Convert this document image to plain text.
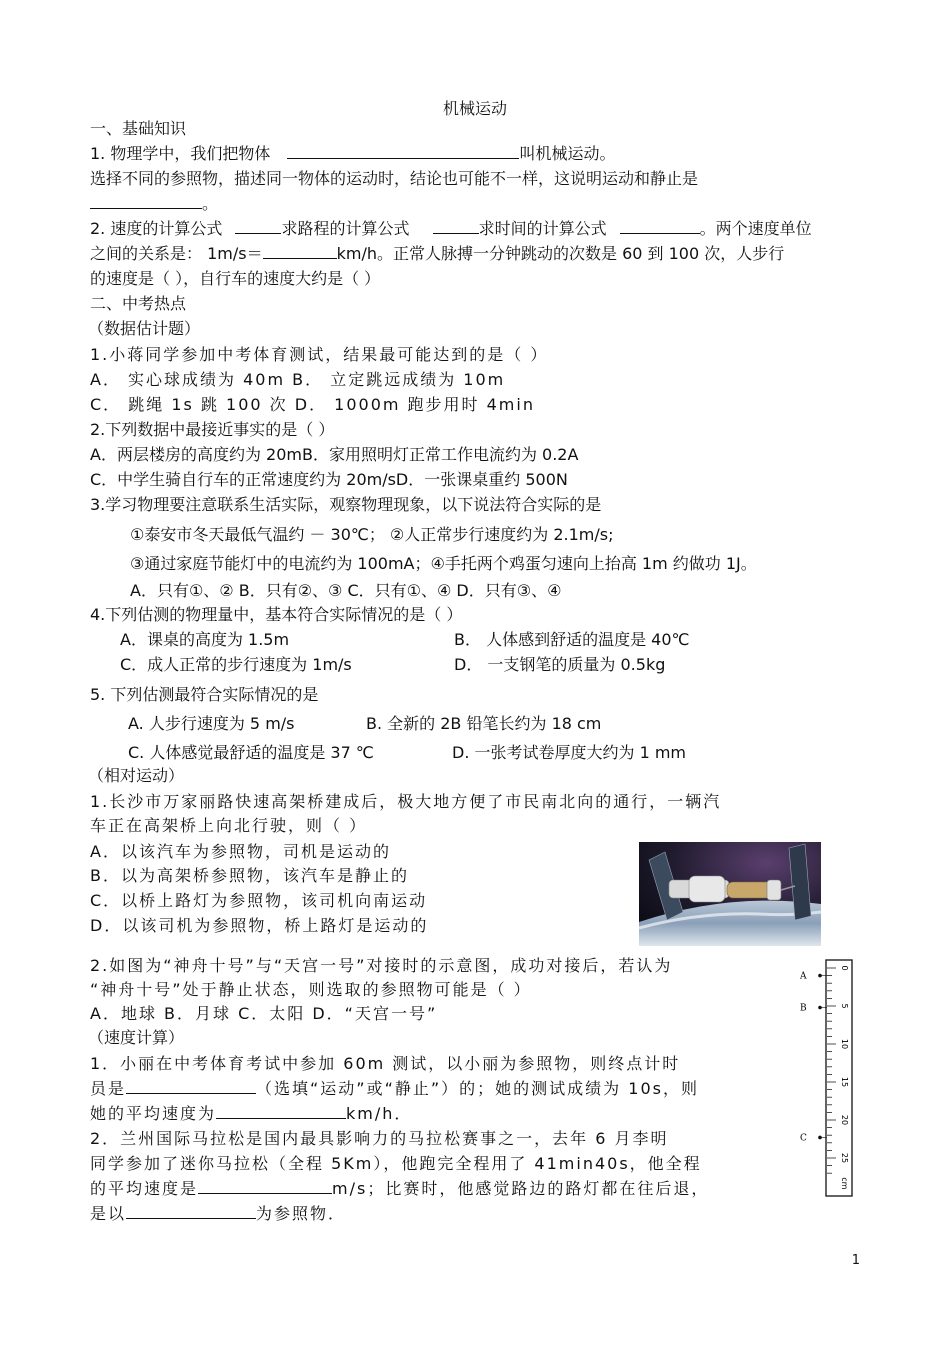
机械运动
一、基础知识
1. 物理学中，我们把物体	叫机械运动。
选择不同的参照物，描述同一物体的运动时，结论也可能不一样，这说明运动和静止是
。
2. 速度的计算公式	求路程的计算公式	求时间的计算公式	。两个速度单位
之间的关系是： 1m/s＝	km/h。正常人脉搏一分钟跳动的次数是 60 到 100 次，人步行
的速度是（ ），自行车的速度大约是（ ）
二、中考热点
（数据估计题）
1.小蒋同学参加中考体育测试，结果最可能达到的是（ ）
A． 实心球成绩为 40m B． 立定跳远成绩为 10m
C． 跳绳 1s 跳 100 次 D． 1000m 跑步用时 4min
2.下列数据中最接近事实的是（ ）
A．两层楼房的高度约为 20mB．家用照明灯正常工作电流约为 0.2A
C．中学生骑自行车的正常速度约为 20m/sD．一张课桌重约 500N
3.学习物理要注意联系生活实际，观察物理现象，以下说法符合实际的是
①泰安市冬天最低气温约 － 30℃； ②人正常步行速度约为 2.1m/s;
③通过家庭节能灯中的电流约为 100mA；④手托两个鸡蛋匀速向上抬高 1m 约做功 1J。
A．只有①、② B．只有②、③ C．只有①、④ D．只有③、④
4.下列估测的物理量中，基本符合实际情况的是（ ）
A．课桌的高度为 1.5m	B． 人体感到舒适的温度是 40℃
C．成人正常的步行速度为 1m/s	D． 一支钢笔的质量为 0.5kg
5. 下列估测最符合实际情况的是
A. 人步行速度为 5 m/s	B. 全新的 2B 铅笔长约为 18 cm
C. 人体感觉最舒适的温度是 37 ℃	D. 一张考试卷厚度大约为 1 mm
（相对运动）
1.长沙市万家丽路快速高架桥建成后，极大地方便了市民南北向的通行，一辆汽
车正在高架桥上向北行驶，则（ ）
A．以该汽车为参照物，司机是运动的
B．以为高架桥参照物，该汽车是静止的
C．以桥上路灯为参照物，该司机向南运动
D．以该司机为参照物，桥上路灯是运动的
2.如图为“神舟十号”与“天宫一号”对接时的示意图，成功对接后，若认为
“神舟十号”处于静止状态，则选取的参照物可能是（ ）
A．地球 B．月球 C．太阳 D．“天宫一号”
（速度计算）
1．小丽在中考体育考试中参加 60m 测试，以小丽为参照物，则终点计时
员是	（选填“运动”或“静止”）的；她的测试成绩为 10s，则
她的平均速度为	km/h．
2．兰州国际马拉松是国内最具影响力的马拉松赛事之一，去年 6 月李明
同学参加了迷你马拉松（全程 5Km），他跑完全程用了 41min40s，他全程
的平均速度是	m/s；比赛时，他感觉路边的路灯都在往后退，
是以	为参照物．
0
5
10
15
20
25
cm
A
B
C
1
